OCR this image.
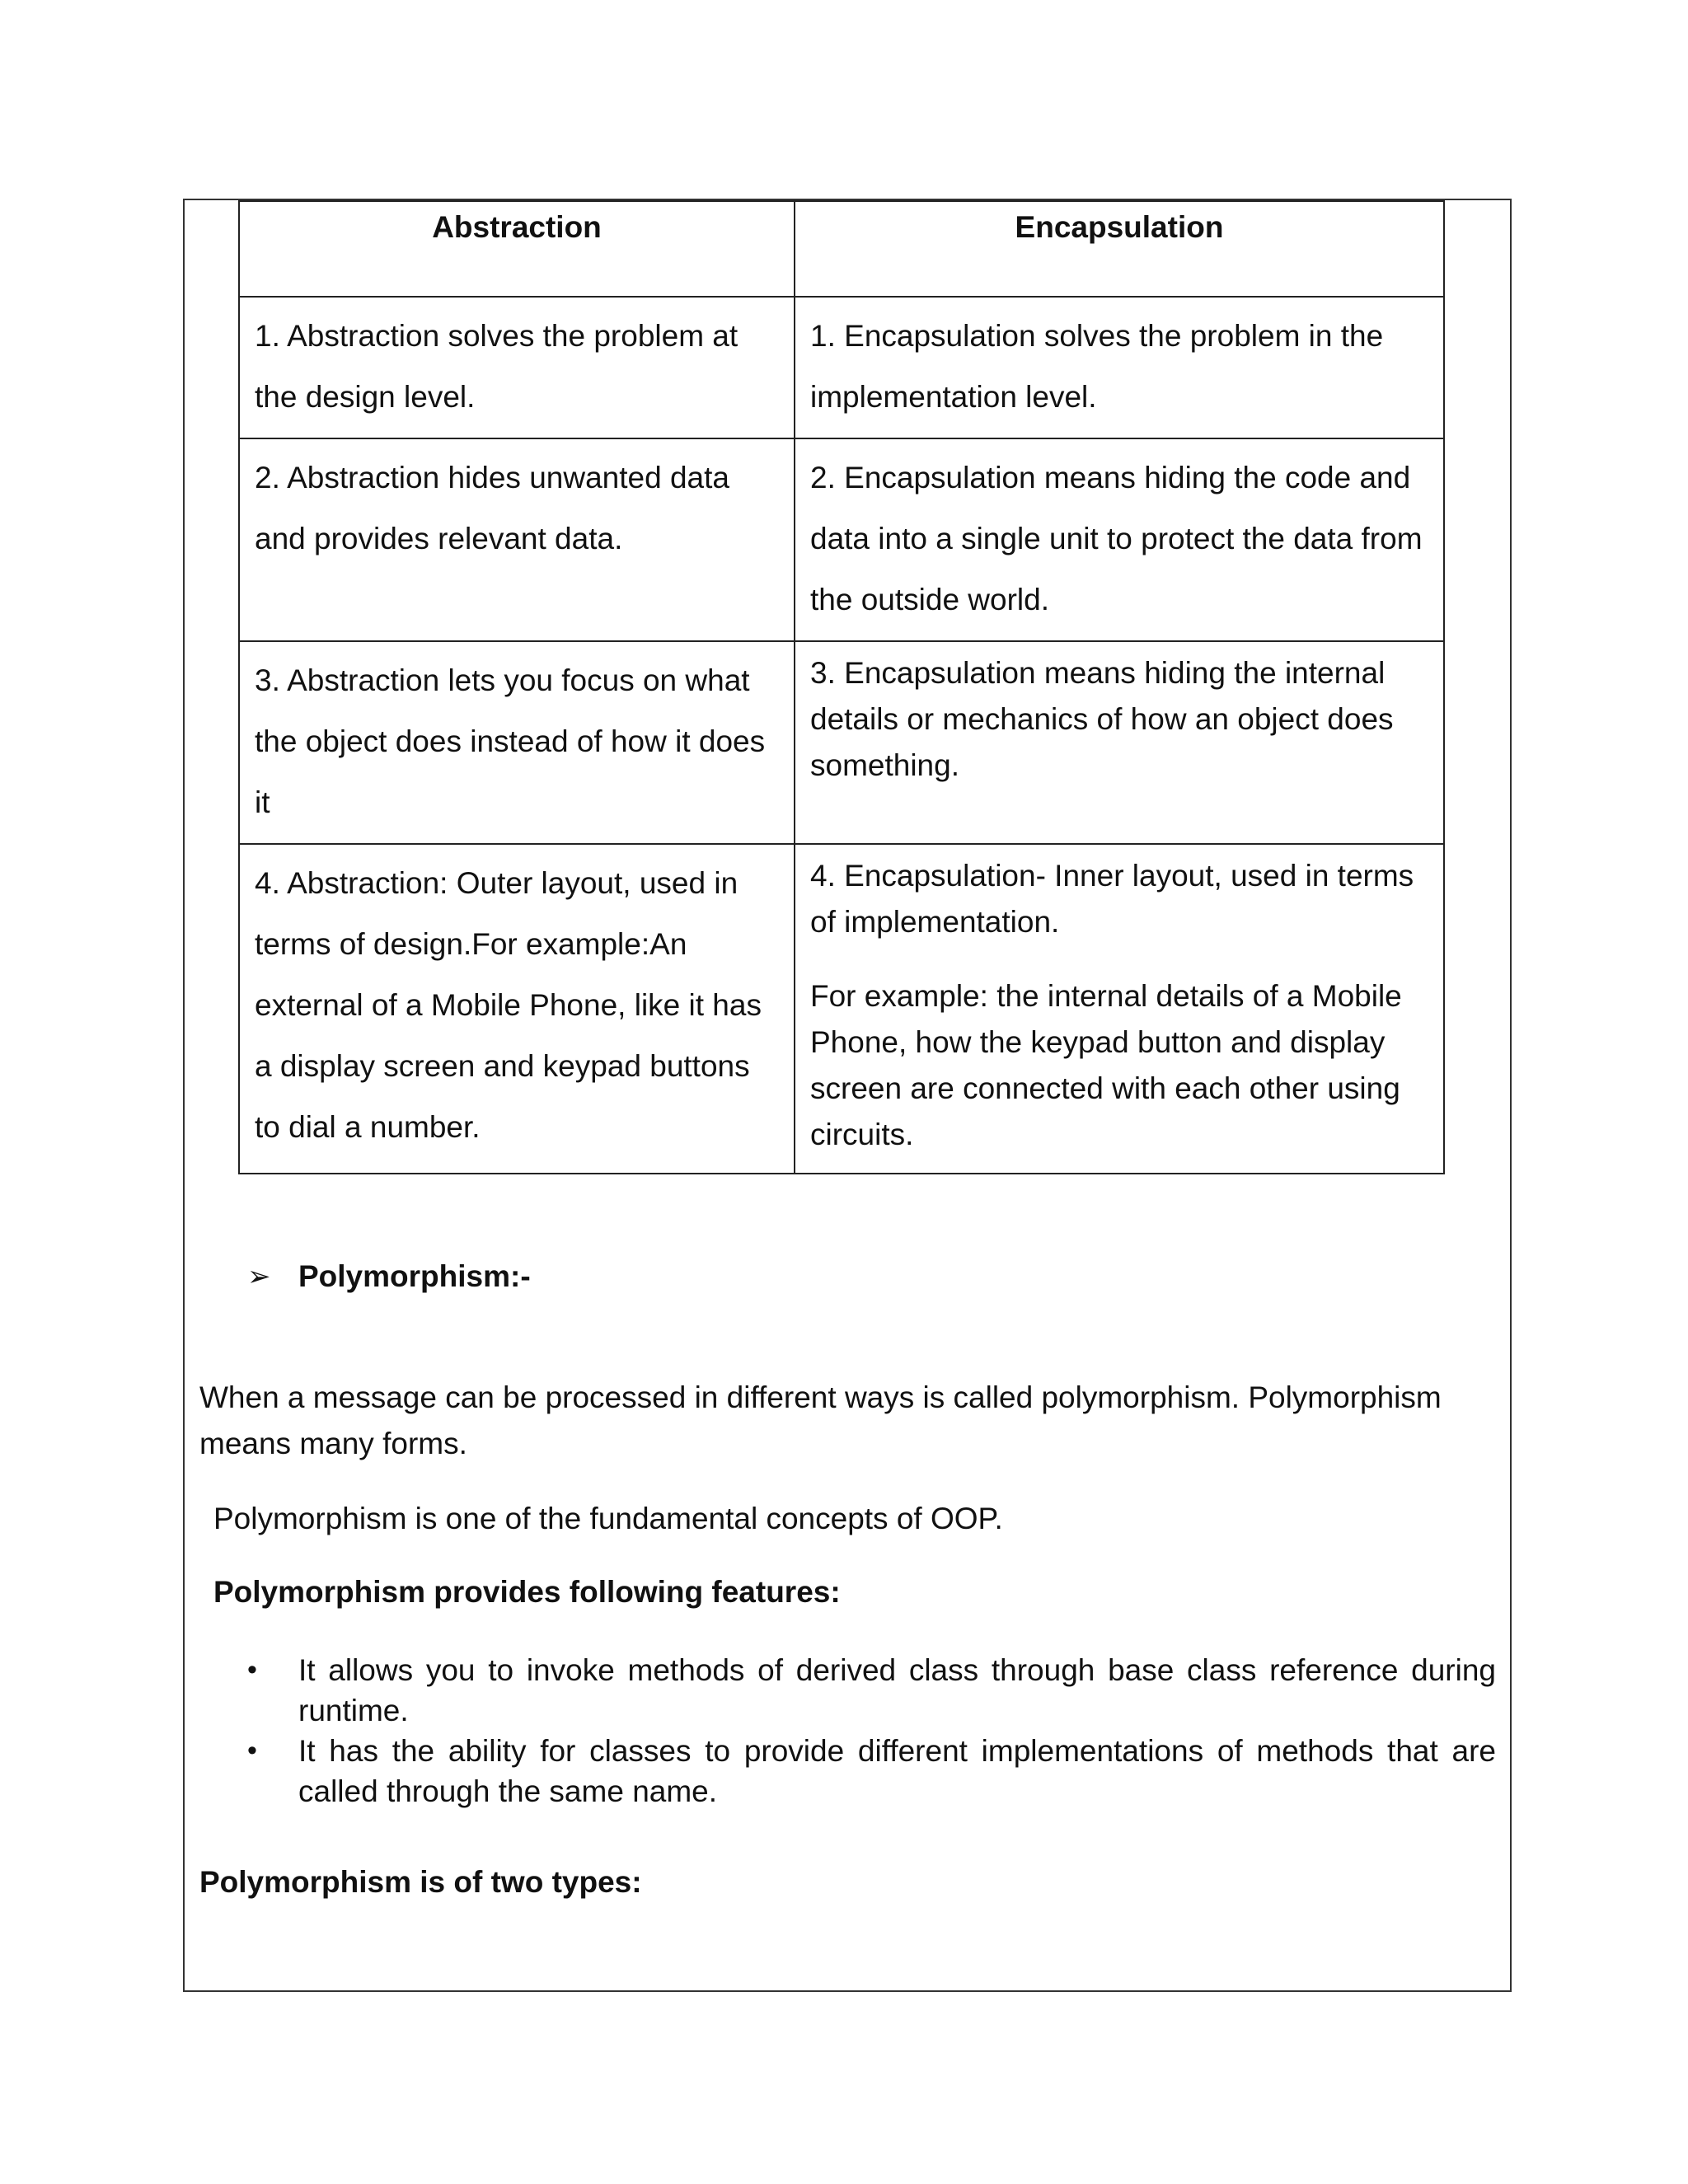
Abstraction	Encapsulation
1. Abstraction solves the problem at the design level.	1. Encapsulation solves the problem in the implementation level.
2. Abstraction hides unwanted data and provides relevant data.	2. Encapsulation means hiding the code and data into a single unit to protect the data from the outside world.
3. Abstraction lets you focus on what the object does instead of how it does it	3. Encapsulation means hiding the internal details or mechanics of how an object does something.
4. Abstraction: Outer layout, used in terms of design.For example:An external of a Mobile Phone, like it has a display screen and keypad buttons to dial a number.	4. Encapsulation- Inner layout, used in terms of implementation.
For example: the internal details of a Mobile Phone, how the keypad button and display screen are connected with each other using circuits.
➢ Polymorphism:-
When a message can be processed in different ways is called polymorphism. Polymorphism means many forms.
Polymorphism is one of the fundamental concepts of OOP.
Polymorphism provides following features:
• It allows you to invoke methods of derived class through base class reference during runtime.
• It has the ability for classes to provide different implementations of methods that are called through the same name.
Polymorphism is of two types:
